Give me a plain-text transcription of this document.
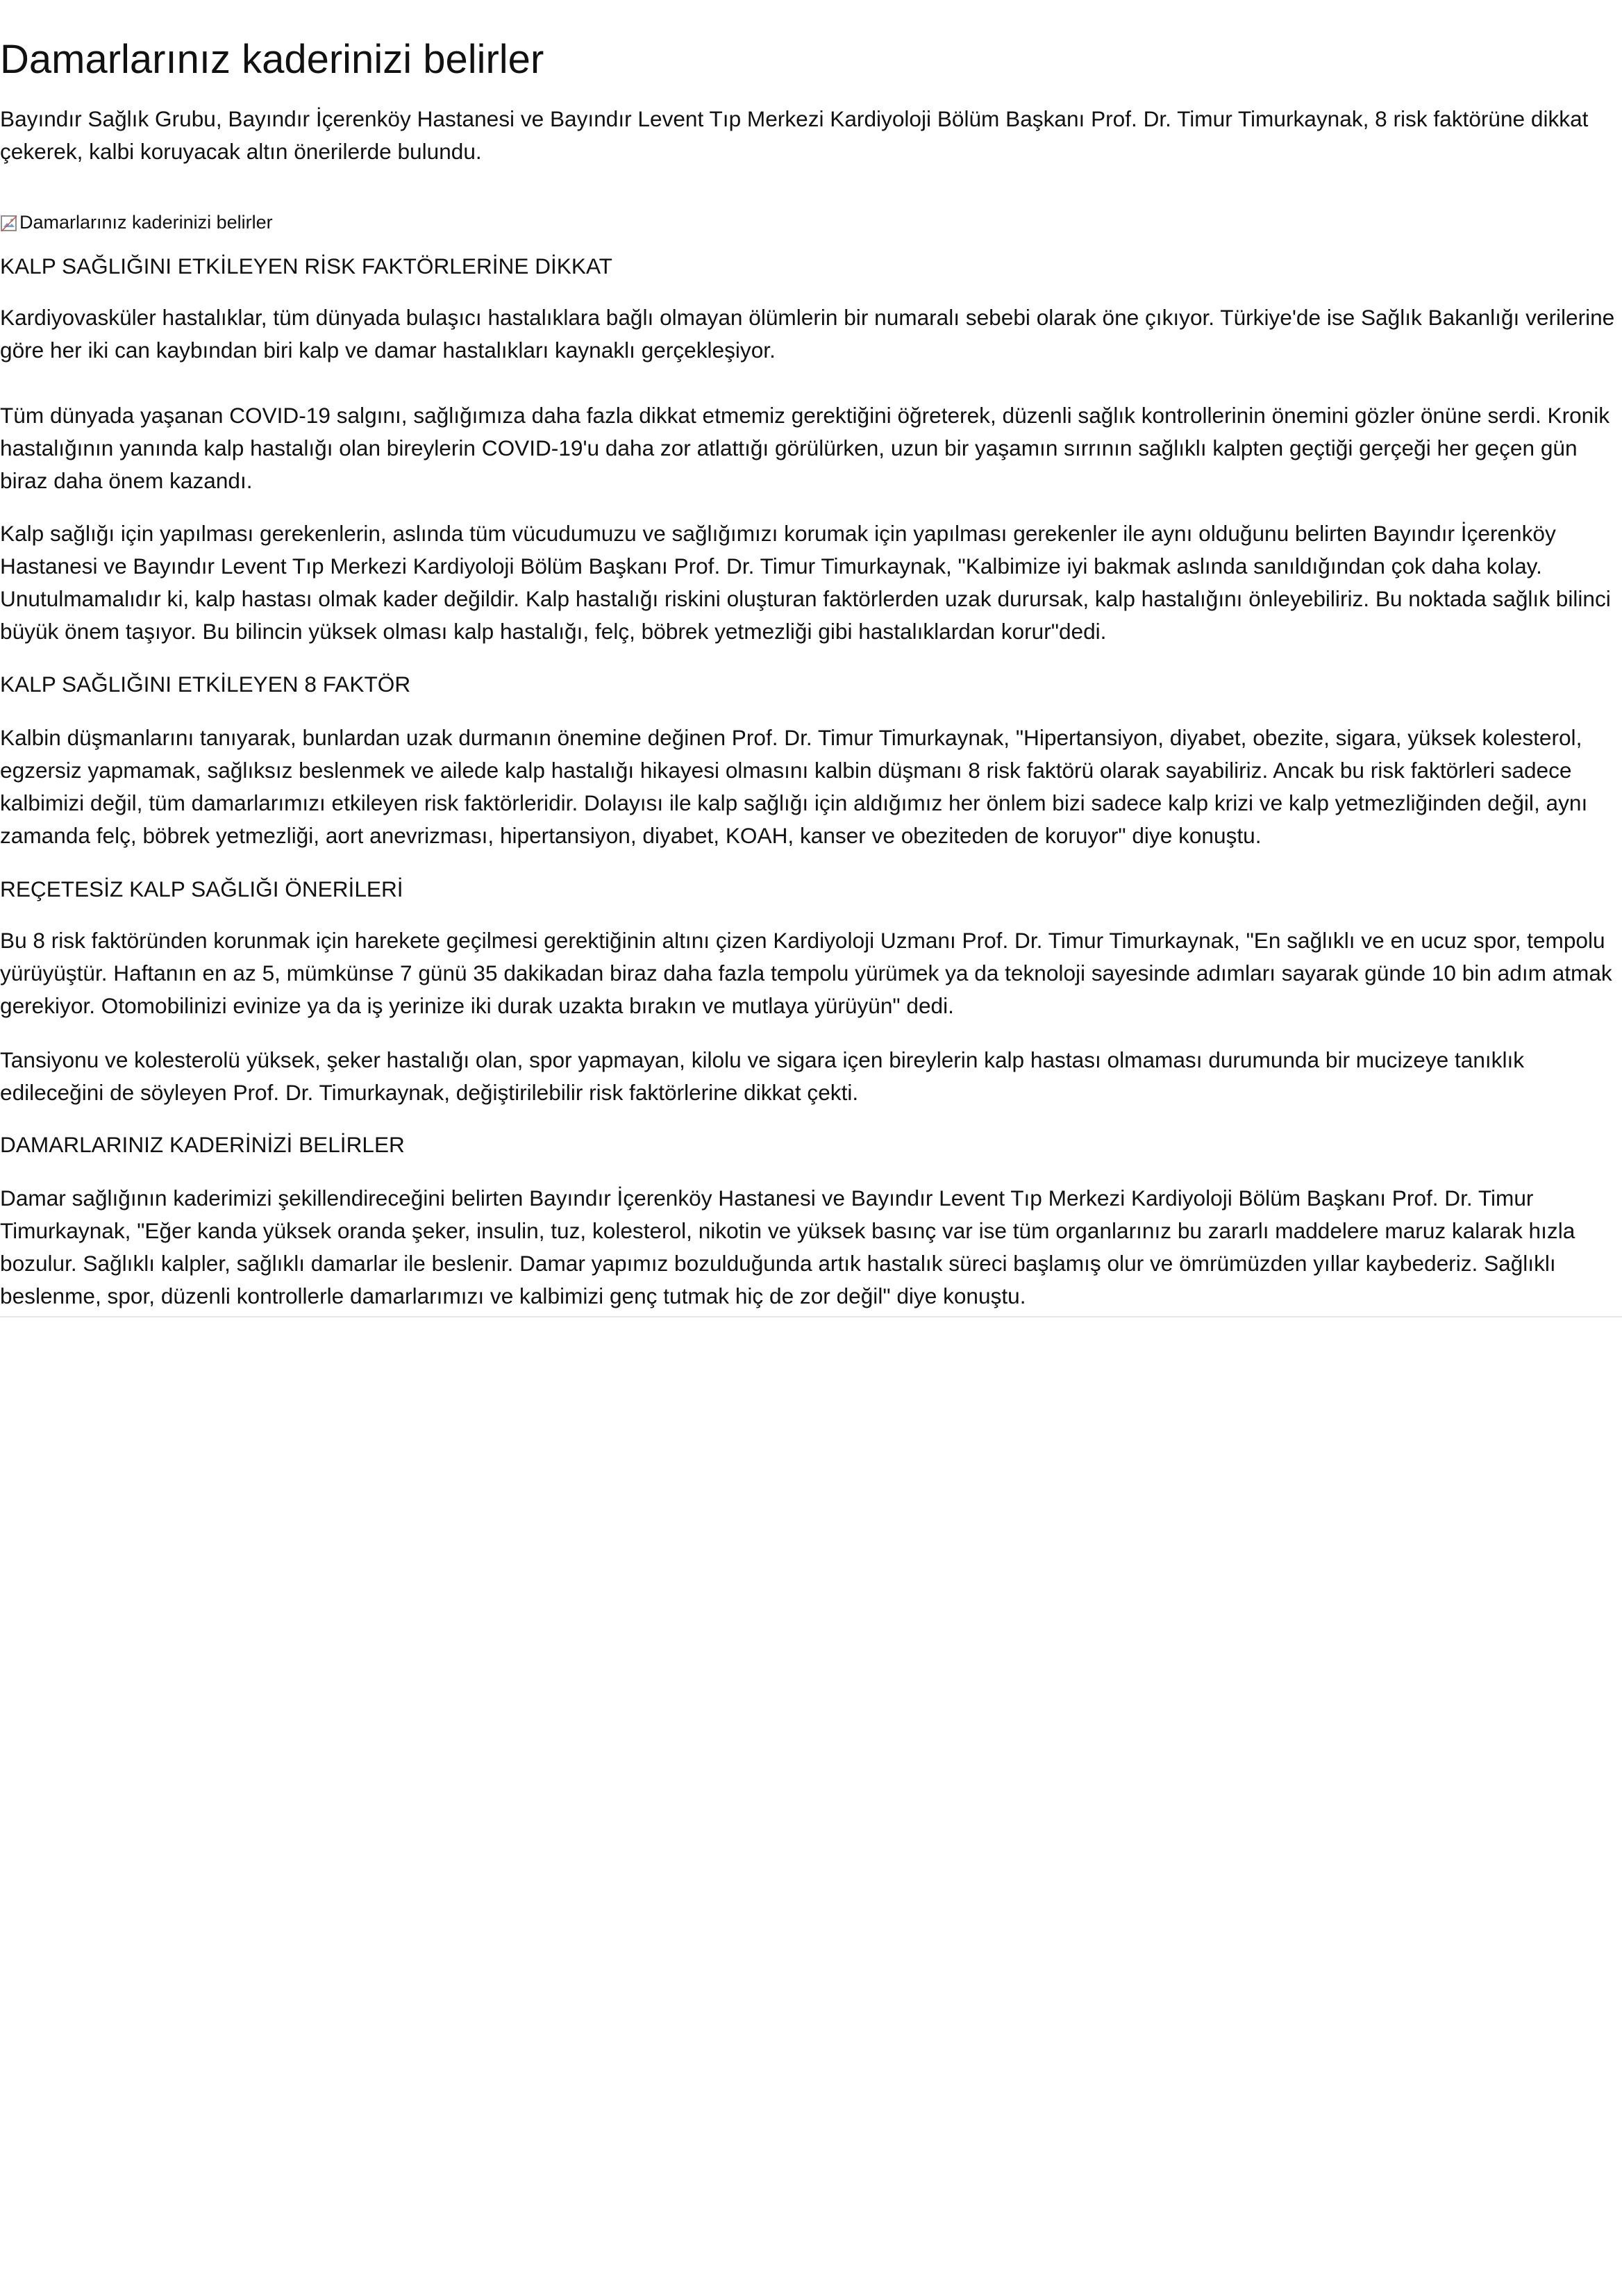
Damarlarınız kaderinizi belirler

Bayındır Sağlık Grubu, Bayındır İçerenköy Hastanesi ve Bayındır Levent Tıp Merkezi Kardiyoloji Bölüm Başkanı Prof. Dr. Timur Timurkaynak, 8 risk faktörüne dikkat çekerek, kalbi koruyacak altın önerilerde bulundu.

Damarlarınız kaderinizi belirler
KALP SAĞLIĞINI ETKİLEYEN RİSK FAKTÖRLERİNE DİKKAT

Kardiyovasküler hastalıklar, tüm dünyada bulaşıcı hastalıklara bağlı olmayan ölümlerin bir numaralı sebebi olarak öne çıkıyor. Türkiye'de ise Sağlık Bakanlığı verilerine göre her iki can kaybından biri kalp ve damar hastalıkları kaynaklı gerçekleşiyor.

Tüm dünyada yaşanan COVID-19 salgını, sağlığımıza daha fazla dikkat etmemiz gerektiğini öğreterek, düzenli sağlık kontrollerinin önemini gözler önüne serdi. Kronik hastalığının yanında kalp hastalığı olan bireylerin COVID-19'u daha zor atlattığı görülürken, uzun bir yaşamın sırrının sağlıklı kalpten geçtiği gerçeği her geçen gün biraz daha önem kazandı.

Kalp sağlığı için yapılması gerekenlerin, aslında tüm vücudumuzu ve sağlığımızı korumak için yapılması gerekenler ile aynı olduğunu belirten Bayındır İçerenköy Hastanesi ve Bayındır Levent Tıp Merkezi Kardiyoloji Bölüm Başkanı Prof. Dr. Timur Timurkaynak, "Kalbimize iyi bakmak aslında sanıldığından çok daha kolay. Unutulmamalıdır ki, kalp hastası olmak kader değildir. Kalp hastalığı riskini oluşturan faktörlerden uzak durursak, kalp hastalığını önleyebiliriz. Bu noktada sağlık bilinci büyük önem taşıyor. Bu bilincin yüksek olması kalp hastalığı, felç, böbrek yetmezliği gibi hastalıklardan korur"dedi.

KALP SAĞLIĞINI ETKİLEYEN 8 FAKTÖR

Kalbin düşmanlarını tanıyarak, bunlardan uzak durmanın önemine değinen Prof. Dr. Timur Timurkaynak, "Hipertansiyon, diyabet, obezite, sigara, yüksek kolesterol, egzersiz yapmamak, sağlıksız beslenmek ve ailede kalp hastalığı hikayesi olmasını kalbin düşmanı 8 risk faktörü olarak sayabiliriz. Ancak bu risk faktörleri sadece kalbimizi değil, tüm damarlarımızı etkileyen risk faktörleridir. Dolayısı ile kalp sağlığı için aldığımız her önlem bizi sadece kalp krizi ve kalp yetmezliğinden değil, aynı zamanda felç, böbrek yetmezliği, aort anevrizması, hipertansiyon, diyabet, KOAH, kanser ve obeziteden de koruyor" diye konuştu.

REÇETESİZ KALP SAĞLIĞI ÖNERİLERİ

Bu 8 risk faktöründen korunmak için harekete geçilmesi gerektiğinin altını çizen Kardiyoloji Uzmanı Prof. Dr. Timur Timurkaynak, "En sağlıklı ve en ucuz spor, tempolu yürüyüştür. Haftanın en az 5, mümkünse 7 günü 35 dakikadan biraz daha fazla tempolu yürümek ya da teknoloji sayesinde adımları sayarak günde 10 bin adım atmak gerekiyor. Otomobilinizi evinize ya da iş yerinize iki durak uzakta bırakın ve mutlaya yürüyün" dedi.

Tansiyonu ve kolesterolü yüksek, şeker hastalığı olan, spor yapmayan, kilolu ve sigara içen bireylerin kalp hastası olmaması durumunda bir mucizeye tanıklık edileceğini de söyleyen Prof. Dr. Timurkaynak, değiştirilebilir risk faktörlerine dikkat çekti.

DAMARLARINIZ KADERİNİZİ BELİRLER

Damar sağlığının kaderimizi şekillendireceğini belirten Bayındır İçerenköy Hastanesi ve Bayındır Levent Tıp Merkezi Kardiyoloji Bölüm Başkanı Prof. Dr. Timur Timurkaynak, "Eğer kanda yüksek oranda şeker, insulin, tuz, kolesterol, nikotin ve yüksek basınç var ise tüm organlarınız bu zararlı maddelere maruz kalarak hızla bozulur. Sağlıklı kalpler, sağlıklı damarlar ile beslenir. Damar yapımız bozulduğunda artık hastalık süreci başlamış olur ve ömrümüzden yıllar kaybederiz. Sağlıklı beslenme, spor, düzenli kontrollerle damarlarımızı ve kalbimizi genç tutmak hiç de zor değil" diye konuştu.
